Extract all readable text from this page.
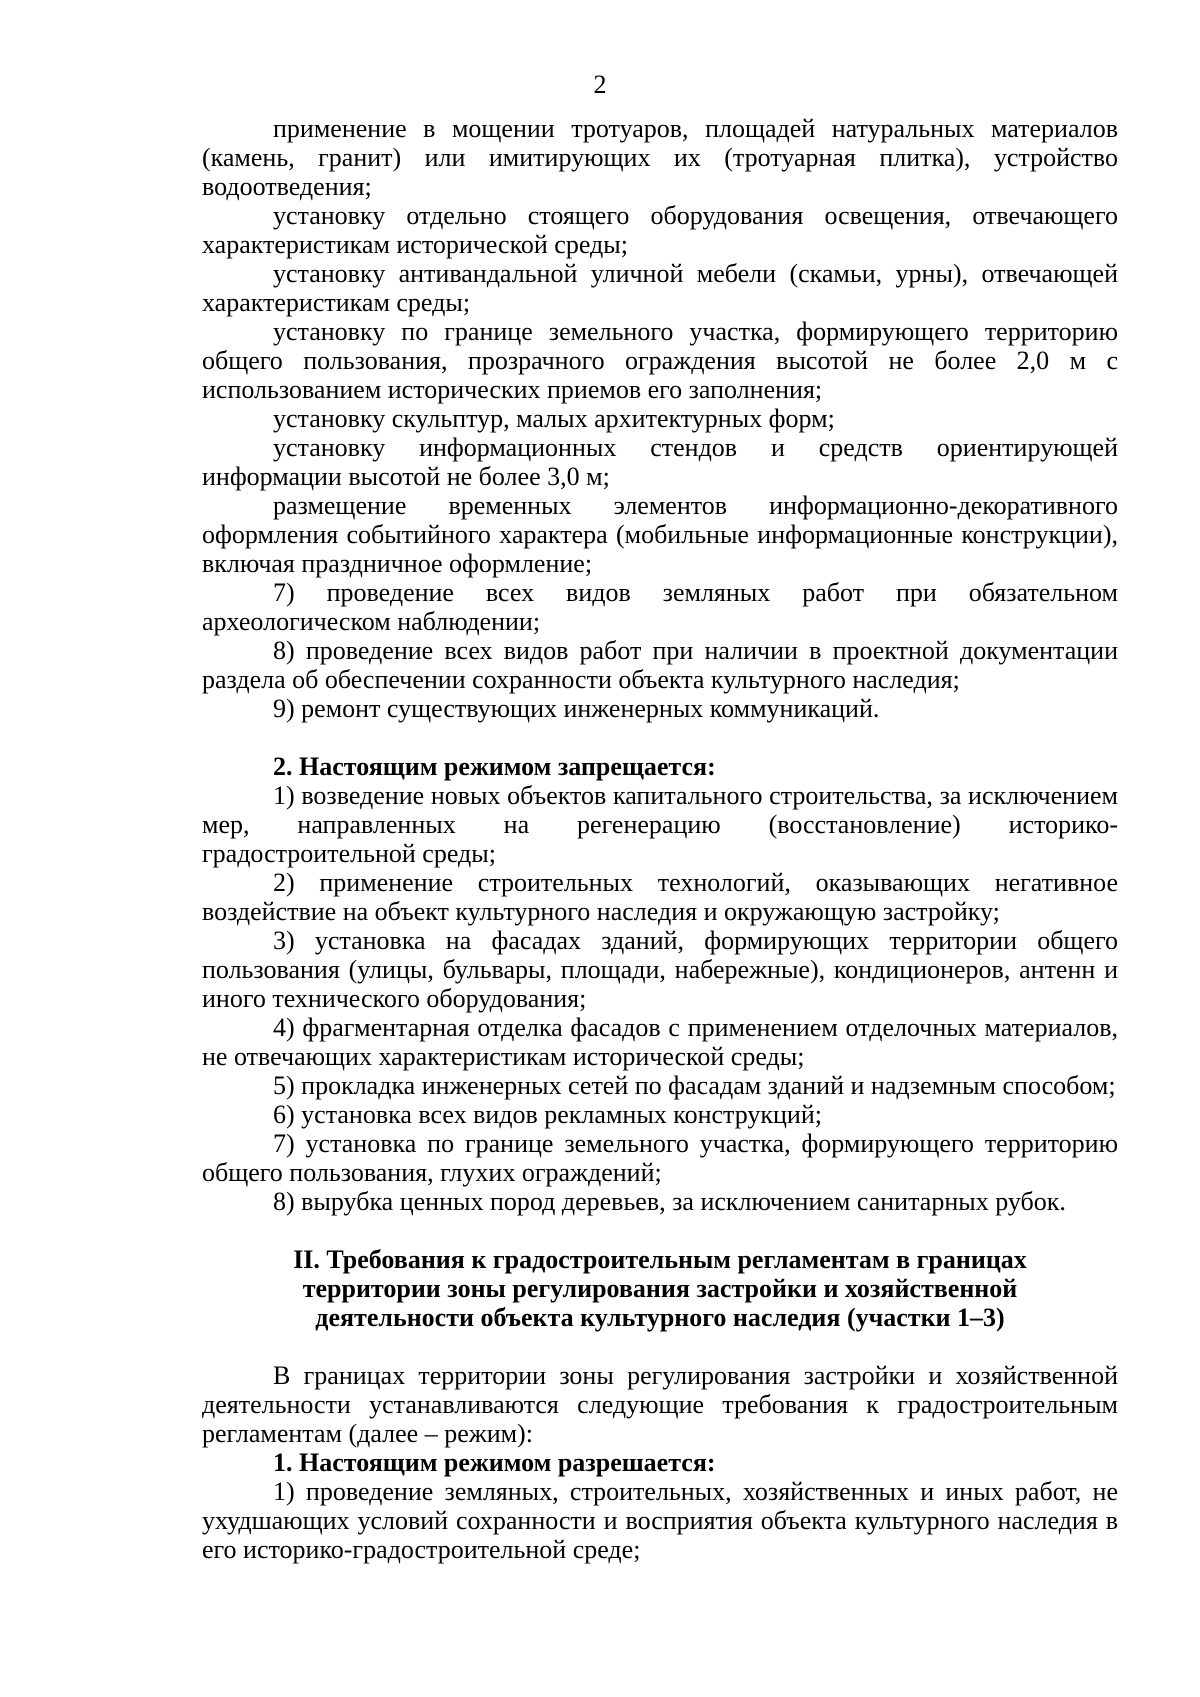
2

применение в мощении тротуаров, площадей натуральных материалов (камень, гранит) или имитирующих их (тротуарная плитка), устройство водоотведения;

установку отдельно стоящего оборудования освещения, отвечающего характеристикам исторической среды;

установку антивандальной уличной мебели (скамьи, урны), отвечающей характеристикам среды;

установку по границе земельного участка, формирующего территорию общего пользования, прозрачного ограждения высотой не более 2,0 м с использованием исторических приемов его заполнения;

установку скульптур, малых архитектурных форм;

установку информационных стендов и средств ориентирующей информации высотой не более 3,0 м;

размещение временных элементов информационно-декоративного оформления событийного характера (мобильные информационные конструкции), включая праздничное оформление;

7) проведение всех видов земляных работ при обязательном археологическом наблюдении;

8) проведение всех видов работ при наличии в проектной документации раздела об обеспечении сохранности объекта культурного наследия;

9) ремонт существующих инженерных коммуникаций.

2. Настоящим режимом запрещается:

1) возведение новых объектов капитального строительства, за исключением мер, направленных на регенерацию (восстановление) историко-градостроительной среды;

2) применение строительных технологий, оказывающих негативное воздействие на объект культурного наследия и окружающую застройку;

3) установка на фасадах зданий, формирующих территории общего пользования (улицы, бульвары, площади, набережные), кондиционеров, антенн и иного технического оборудования;

4) фрагментарная отделка фасадов с применением отделочных материалов, не отвечающих характеристикам исторической среды;

5) прокладка инженерных сетей по фасадам зданий и надземным способом;

6) установка всех видов рекламных конструкций;

7) установка по границе земельного участка, формирующего территорию общего пользования, глухих ограждений;

8) вырубка ценных пород деревьев, за исключением санитарных рубок.

II. Требования к градостроительным регламентам в границах
территории зоны регулирования застройки и хозяйственной
деятельности объекта культурного наследия (участки 1–3)

В границах территории зоны регулирования застройки и хозяйственной деятельности устанавливаются следующие требования к градостроительным регламентам (далее – режим):

1. Настоящим режимом разрешается:

1) проведение земляных, строительных, хозяйственных и иных работ, не ухудшающих условий сохранности и восприятия объекта культурного наследия в его историко-градостроительной среде;
